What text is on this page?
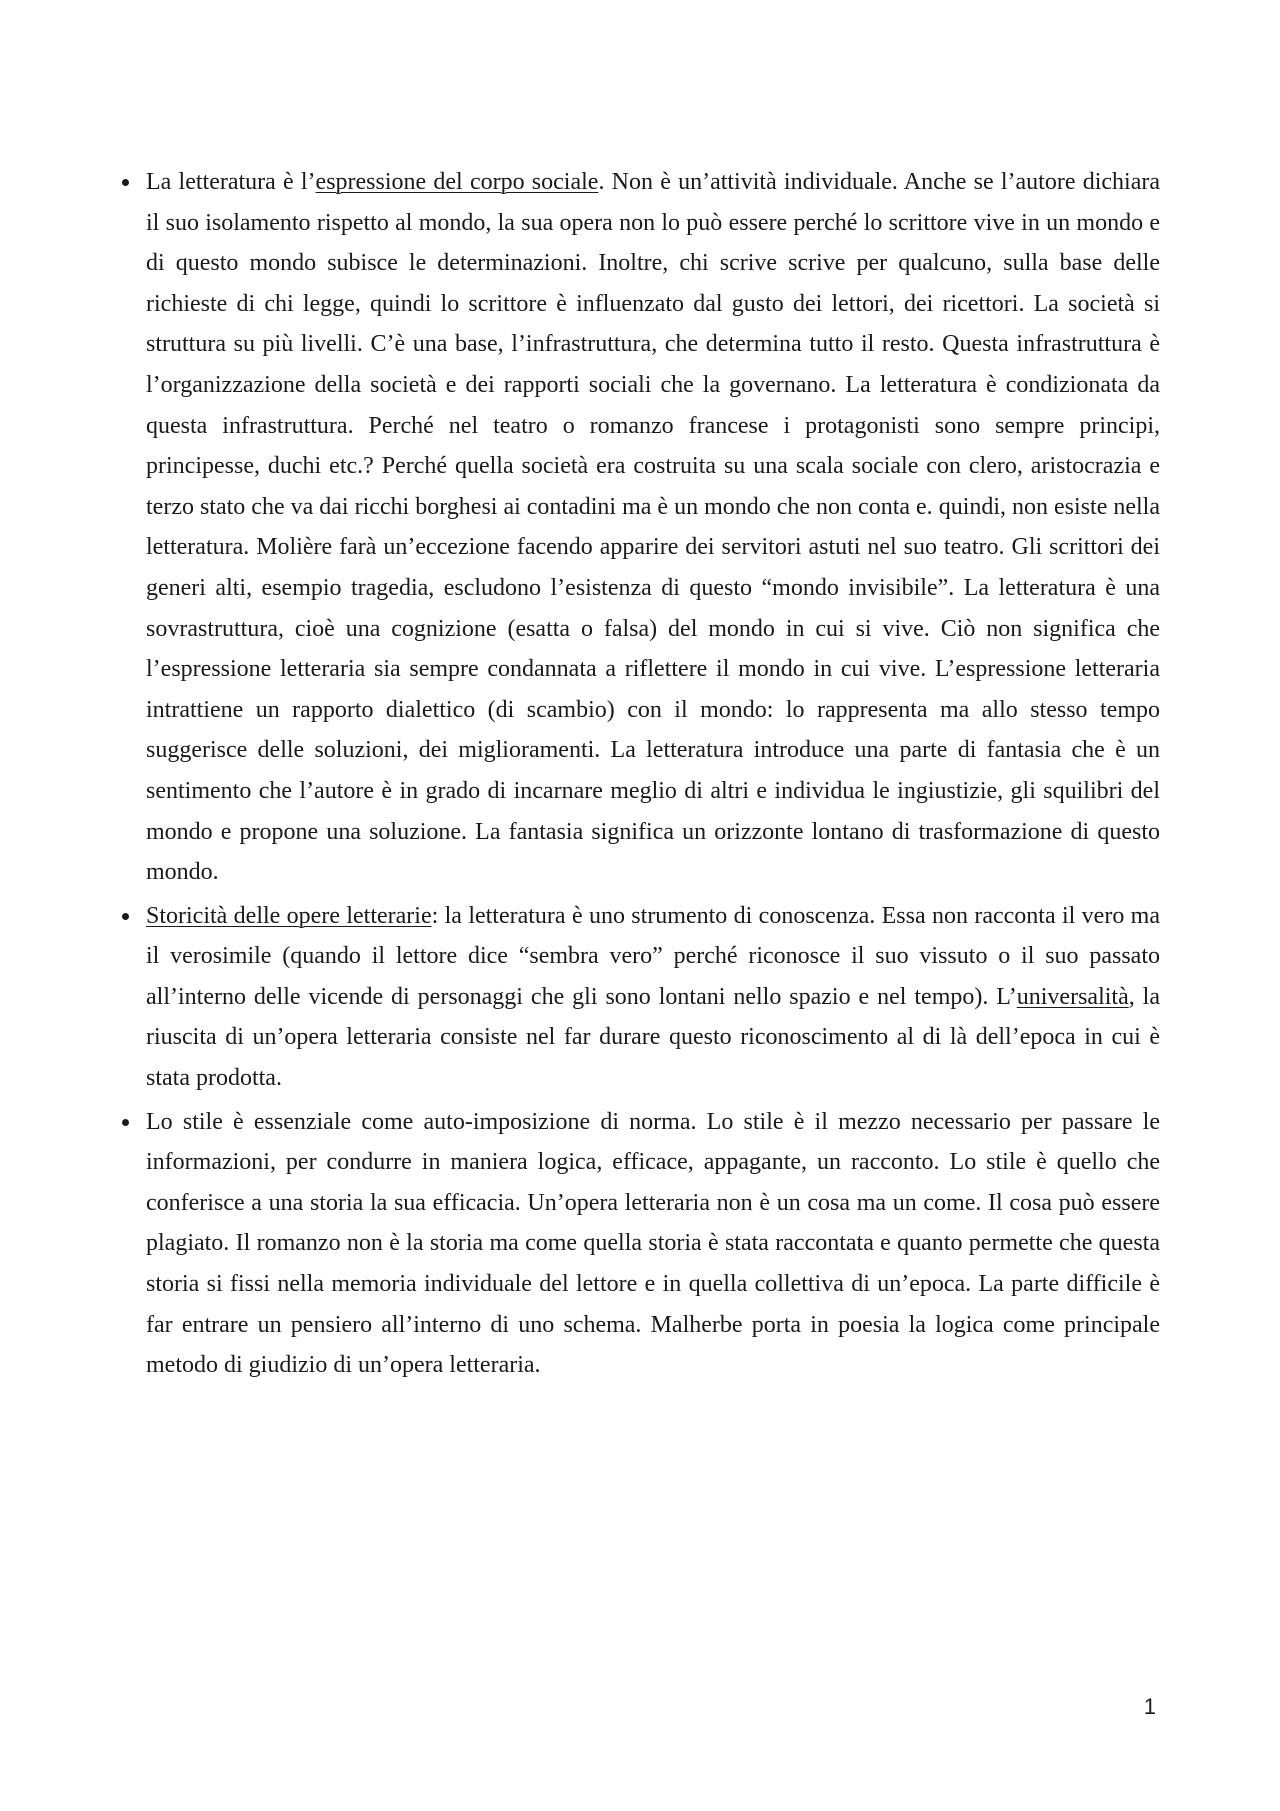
La letteratura è l’espressione del corpo sociale. Non è un’attività individuale. Anche se l’autore dichiara il suo isolamento rispetto al mondo, la sua opera non lo può essere perché lo scrittore vive in un mondo e di questo mondo subisce le determinazioni. Inoltre, chi scrive scrive per qualcuno, sulla base delle richieste di chi legge, quindi lo scrittore è influenzato dal gusto dei lettori, dei ricettori. La società si struttura su più livelli. C’è una base, l’infrastruttura, che determina tutto il resto. Questa infrastruttura è l’organizzazione della società e dei rapporti sociali che la governano. La letteratura è condizionata da questa infrastruttura. Perché nel teatro o romanzo francese i protagonisti sono sempre principi, principesse, duchi etc.? Perché quella società era costruita su una scala sociale con clero, aristocrazia e terzo stato che va dai ricchi borghesi ai contadini ma è un mondo che non conta e. quindi, non esiste nella letteratura. Molière farà un’eccezione facendo apparire dei servitori astuti nel suo teatro. Gli scrittori dei generi alti, esempio tragedia, escludono l’esistenza di questo “mondo invisibile”. La letteratura è una sovrastruttura, cioè una cognizione (esatta o falsa) del mondo in cui si vive. Ciò non significa che l’espressione letteraria sia sempre condannata a riflettere il mondo in cui vive. L’espressione letteraria intrattiene un rapporto dialettico (di scambio) con il mondo: lo rappresenta ma allo stesso tempo suggerisce delle soluzioni, dei miglioramenti. La letteratura introduce una parte di fantasia che è un sentimento che l’autore è in grado di incarnare meglio di altri e individua le ingiustizie, gli squilibri del mondo e propone una soluzione. La fantasia significa un orizzonte lontano di trasformazione di questo mondo.
Storicità delle opere letterarie: la letteratura è uno strumento di conoscenza. Essa non racconta il vero ma il verosimile (quando il lettore dice “sembra vero” perché riconosce il suo vissuto o il suo passato all’interno delle vicende di personaggi che gli sono lontani nello spazio e nel tempo). L’universalità, la riuscita di un’opera letteraria consiste nel far durare questo riconoscimento al di là dell’epoca in cui è stata prodotta.
Lo stile è essenziale come auto-imposizione di norma. Lo stile è il mezzo necessario per passare le informazioni, per condurre in maniera logica, efficace, appagante, un racconto. Lo stile è quello che conferisce a una storia la sua efficacia. Un’opera letteraria non è un cosa ma un come. Il cosa può essere plagiato. Il romanzo non è la storia ma come quella storia è stata raccontata e quanto permette che questa storia si fissi nella memoria individuale del lettore e in quella collettiva di un’epoca. La parte difficile è far entrare un pensiero all’interno di uno schema. Malherbe porta in poesia la logica come principale metodo di giudizio di un’opera letteraria.
1
